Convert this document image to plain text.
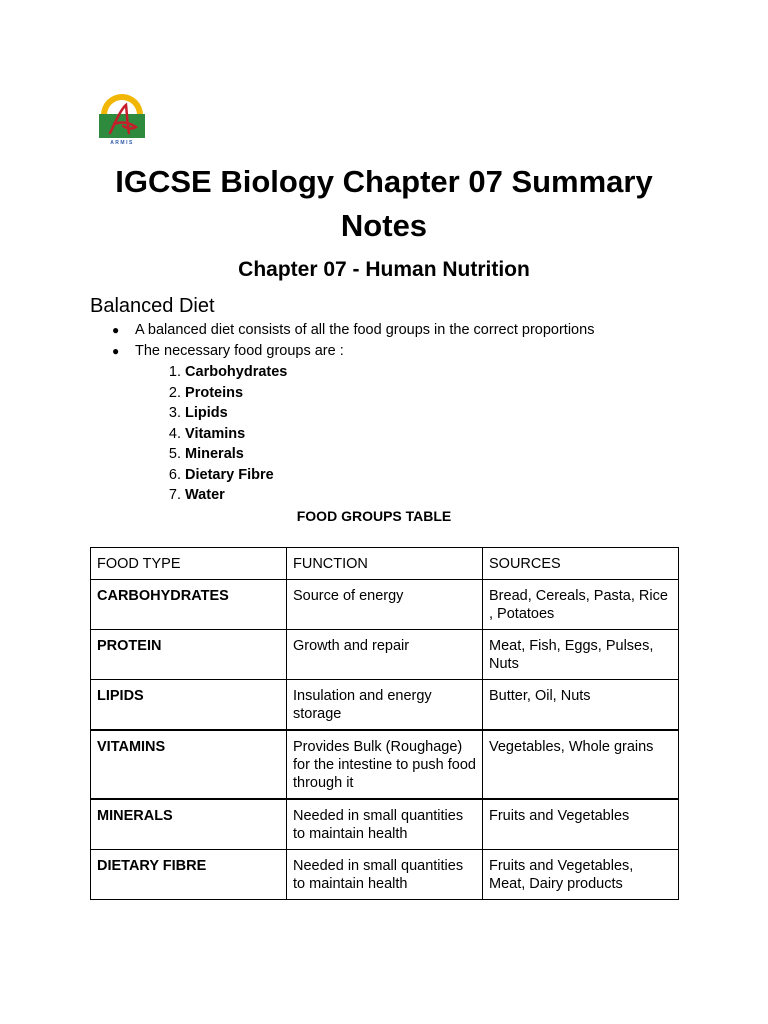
ARMIS
IGCSE Biology Chapter 07 Summary
Notes
Chapter 07 - Human Nutrition
Balanced Diet
● A balanced diet consists of all the food groups in the correct proportions
● The necessary food groups are :
1.
Carbohydrates
2.
Proteins
3.
Lipids
4.
Vitamins
5.
Minerals
6.
Dietary Fibre
7.
Water
FOOD GROUPS TABLE
FOOD TYPE	FUNCTION	SOURCES
CARBOHYDRATES	Source of energy	Bread, Cereals, Pasta, Rice , Potatoes
PROTEIN	Growth and repair	Meat, Fish, Eggs, Pulses, Nuts
LIPIDS	Insulation and energy storage	Butter, Oil, Nuts
VITAMINS	Provides Bulk (Roughage) for the intestine to push food through it	Vegetables, Whole grains
MINERALS	Needed in small quantities to maintain health	Fruits and Vegetables
DIETARY FIBRE	Needed in small quantities to maintain health	Fruits and Vegetables, Meat, Dairy products
